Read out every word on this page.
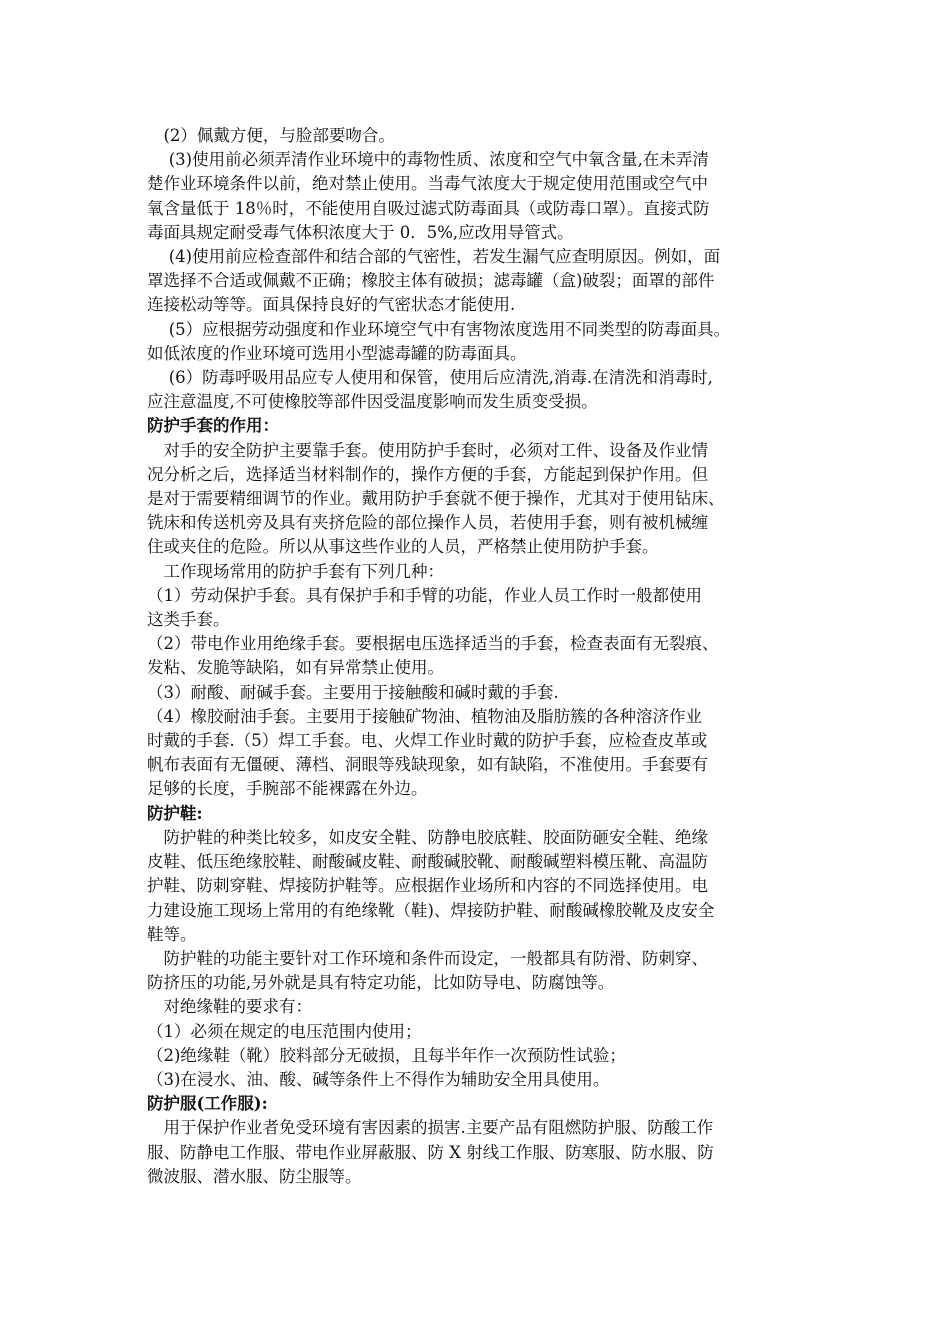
　(2）佩戴方便，与脸部要吻合。
　 (3)使用前必须弄清作业环境中的毒物性质、浓度和空气中氧含量,在未弄清
楚作业环境条件以前，绝对禁止使用。当毒气浓度大于规定使用范围或空气中
氧含量低于 18％时，不能使用自吸过滤式防毒面具（或防毒口罩）。直接式防
毒面具规定耐受毒气体积浓度大于 0．5%,应改用导管式。
　 (4)使用前应检查部件和结合部的气密性，若发生漏气应查明原因。例如，面
罩选择不合适或佩戴不正确；橡胶主体有破损；滤毒罐（盒)破裂；面罩的部件
连接松动等等。面具保持良好的气密状态才能使用.
　 (5）应根据劳动强度和作业环境空气中有害物浓度选用不同类型的防毒面具。
如低浓度的作业环境可选用小型滤毒罐的防毒面具。
　 (6）防毒呼吸用品应专人使用和保管，使用后应清洗,消毒.在清洗和消毒时,
应注意温度,不可使橡胶等部件因受温度影响而发生质变受损。
防护手套的作用：
　对手的安全防护主要靠手套。使用防护手套时，必须对工件、设备及作业情
况分析之后，选择适当材料制作的，操作方便的手套，方能起到保护作用。但
是对于需要精细调节的作业。戴用防护手套就不便于操作，尤其对于使用钻床、
铣床和传送机旁及具有夹挤危险的部位操作人员，若使用手套，则有被机械缠
住或夹住的危险。所以从事这些作业的人员，严格禁止使用防护手套。
　工作现场常用的防护手套有下列几种：
（1）劳动保护手套。具有保护手和手臂的功能，作业人员工作时一般都使用
这类手套。
（2）带电作业用绝缘手套。要根据电压选择适当的手套，检查表面有无裂痕、
发粘、发脆等缺陷，如有异常禁止使用。
（3）耐酸、耐碱手套。主要用于接触酸和碱时戴的手套.
（4）橡胶耐油手套。主要用于接触矿物油、植物油及脂肪簇的各种溶济作业
时戴的手套.（5）焊工手套。电、火焊工作业时戴的防护手套，应检查皮革或
帆布表面有无僵硬、薄档、洞眼等残缺现象，如有缺陷，不准使用。手套要有
足够的长度，手腕部不能裸露在外边。
防护鞋:
　防护鞋的种类比较多，如皮安全鞋、防静电胶底鞋、胶面防砸安全鞋、绝缘
皮鞋、低压绝缘胶鞋、耐酸碱皮鞋、耐酸碱胶靴、耐酸碱塑料模压靴、高温防
护鞋、防刺穿鞋、焊接防护鞋等。应根据作业场所和内容的不同选择使用。电
力建设施工现场上常用的有绝缘靴（鞋)、焊接防护鞋、耐酸碱橡胶靴及皮安全
鞋等。
　防护鞋的功能主要针对工作环境和条件而设定，一般都具有防滑、防刺穿、
防挤压的功能,另外就是具有特定功能，比如防导电、防腐蚀等。
　对绝缘鞋的要求有：
（1）必须在规定的电压范围内使用；
（2)绝缘鞋（靴）胶料部分无破损，且每半年作一次预防性试验；
（3)在浸水、油、酸、碱等条件上不得作为辅助安全用具使用。
防护服(工作服):
　用于保护作业者免受环境有害因素的损害.主要产品有阻燃防护服、防酸工作
服、防静电工作服、带电作业屏蔽服、防 X 射线工作服、防寒服、防水服、防
微波服、潜水服、防尘服等。
